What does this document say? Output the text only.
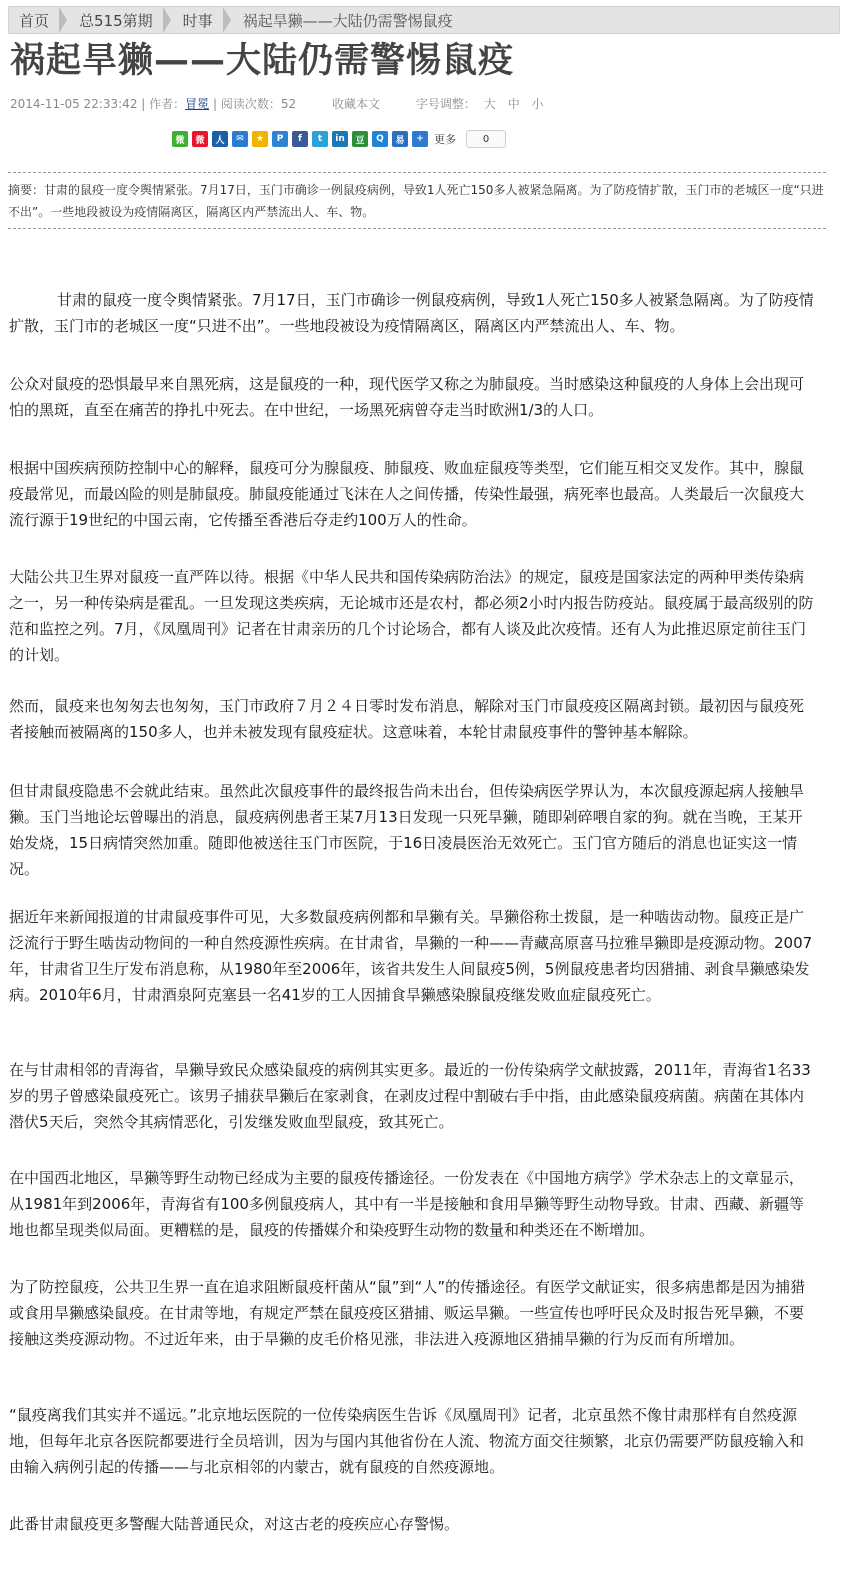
首页	总515第期	时事	祸起旱獭——大陆仍需警惕鼠疫
祸起旱獭——大陆仍需警惕鼠疫
2014-11-05 22:33:42 | 作者：冒冕 | 阅读次数：52	收藏本文	字号调整： 大 中 小
微	微	人	✉	★	P	f	t	in	豆	Q	易	+ 更多	0
摘要：甘肃的鼠疫一度令舆情紧张。7月17日，玉门市确诊一例鼠疫病例，导致1人死亡150多人被紧急隔离。为了防疫情扩散，玉门市的老城区一度“只进不出”。一些地段被设为疫情隔离区，隔离区内严禁流出人、车、物。

甘肃的鼠疫一度令舆情紧张。7月17日，玉门市确诊一例鼠疫病例，导致1人死亡150多人被紧急隔离。为了防疫情扩散，玉门市的老城区一度“只进不出”。一些地段被设为疫情隔离区，隔离区内严禁流出人、车、物。

公众对鼠疫的恐惧最早来自黑死病，这是鼠疫的一种，现代医学又称之为肺鼠疫。当时感染这种鼠疫的人身体上会出现可怕的黑斑，直至在痛苦的挣扎中死去。在中世纪，一场黑死病曾夺走当时欧洲1/3的人口。

根据中国疾病预防控制中心的解释，鼠疫可分为腺鼠疫、肺鼠疫、败血症鼠疫等类型，它们能互相交叉发作。其中，腺鼠疫最常见，而最凶险的则是肺鼠疫。肺鼠疫能通过飞沫在人之间传播，传染性最强，病死率也最高。人类最后一次鼠疫大流行源于19世纪的中国云南，它传播至香港后夺走约100万人的性命。

大陆公共卫生界对鼠疫一直严阵以待。根据《中华人民共和国传染病防治法》的规定，鼠疫是国家法定的两种甲类传染病之一，另一种传染病是霍乱。一旦发现这类疾病，无论城市还是农村，都必须2小时内报告防疫站。鼠疫属于最高级别的防范和监控之列。7月，《凤凰周刊》记者在甘肃亲历的几个讨论场合，都有人谈及此次疫情。还有人为此推迟原定前往玉门的计划。

然而，鼠疫来也匆匆去也匆匆，玉门市政府７月２４日零时发布消息，解除对玉门市鼠疫疫区隔离封锁。最初因与鼠疫死者接触而被隔离的150多人，也并未被发现有鼠疫症状。这意味着，本轮甘肃鼠疫事件的警钟基本解除。

但甘肃鼠疫隐患不会就此结束。虽然此次鼠疫事件的最终报告尚未出台，但传染病医学界认为，本次鼠疫源起病人接触旱獭。玉门当地论坛曾曝出的消息，鼠疫病例患者王某7月13日发现一只死旱獭，随即剁碎喂自家的狗。就在当晚，王某开始发烧，15日病情突然加重。随即他被送往玉门市医院，于16日凌晨医治无效死亡。玉门官方随后的消息也证实这一情况。

据近年来新闻报道的甘肃鼠疫事件可见，大多数鼠疫病例都和旱獭有关。旱獭俗称土拨鼠，是一种啮齿动物。鼠疫正是广泛流行于野生啮齿动物间的一种自然疫源性疾病。在甘肃省，旱獭的一种——青藏高原喜马拉雅旱獭即是疫源动物。2007年，甘肃省卫生厅发布消息称，从1980年至2006年，该省共发生人间鼠疫5例，5例鼠疫患者均因猎捕、剥食旱獭感染发病。2010年6月，甘肃酒泉阿克塞县一名41岁的工人因捕食旱獭感染腺鼠疫继发败血症鼠疫死亡。

在与甘肃相邻的青海省，旱獭导致民众感染鼠疫的病例其实更多。最近的一份传染病学文献披露，2011年，青海省1名33岁的男子曾感染鼠疫死亡。该男子捕获旱獭后在家剥食，在剥皮过程中割破右手中指，由此感染鼠疫病菌。病菌在其体内潜伏5天后，突然令其病情恶化，引发继发败血型鼠疫，致其死亡。

在中国西北地区，旱獭等野生动物已经成为主要的鼠疫传播途径。一份发表在《中国地方病学》学术杂志上的文章显示，从1981年到2006年，青海省有100多例鼠疫病人，其中有一半是接触和食用旱獭等野生动物导致。甘肃、西藏、新疆等地也都呈现类似局面。更糟糕的是，鼠疫的传播媒介和染疫野生动物的数量和种类还在不断增加。

为了防控鼠疫，公共卫生界一直在追求阻断鼠疫杆菌从“鼠”到“人”的传播途径。有医学文献证实，很多病患都是因为捕猎或食用旱獭感染鼠疫。在甘肃等地，有规定严禁在鼠疫疫区猎捕、贩运旱獭。一些宣传也呼吁民众及时报告死旱獭，不要接触这类疫源动物。不过近年来，由于旱獭的皮毛价格见涨，非法进入疫源地区猎捕旱獭的行为反而有所增加。

“鼠疫离我们其实并不遥远。”北京地坛医院的一位传染病医生告诉《凤凰周刊》记者，北京虽然不像甘肃那样有自然疫源地，但每年北京各医院都要进行全员培训，因为与国内其他省份在人流、物流方面交往频繁，北京仍需要严防鼠疫输入和由输入病例引起的传播——与北京相邻的内蒙古，就有鼠疫的自然疫源地。

此番甘肃鼠疫更多警醒大陆普通民众，对这古老的疫疾应心存警惕。
